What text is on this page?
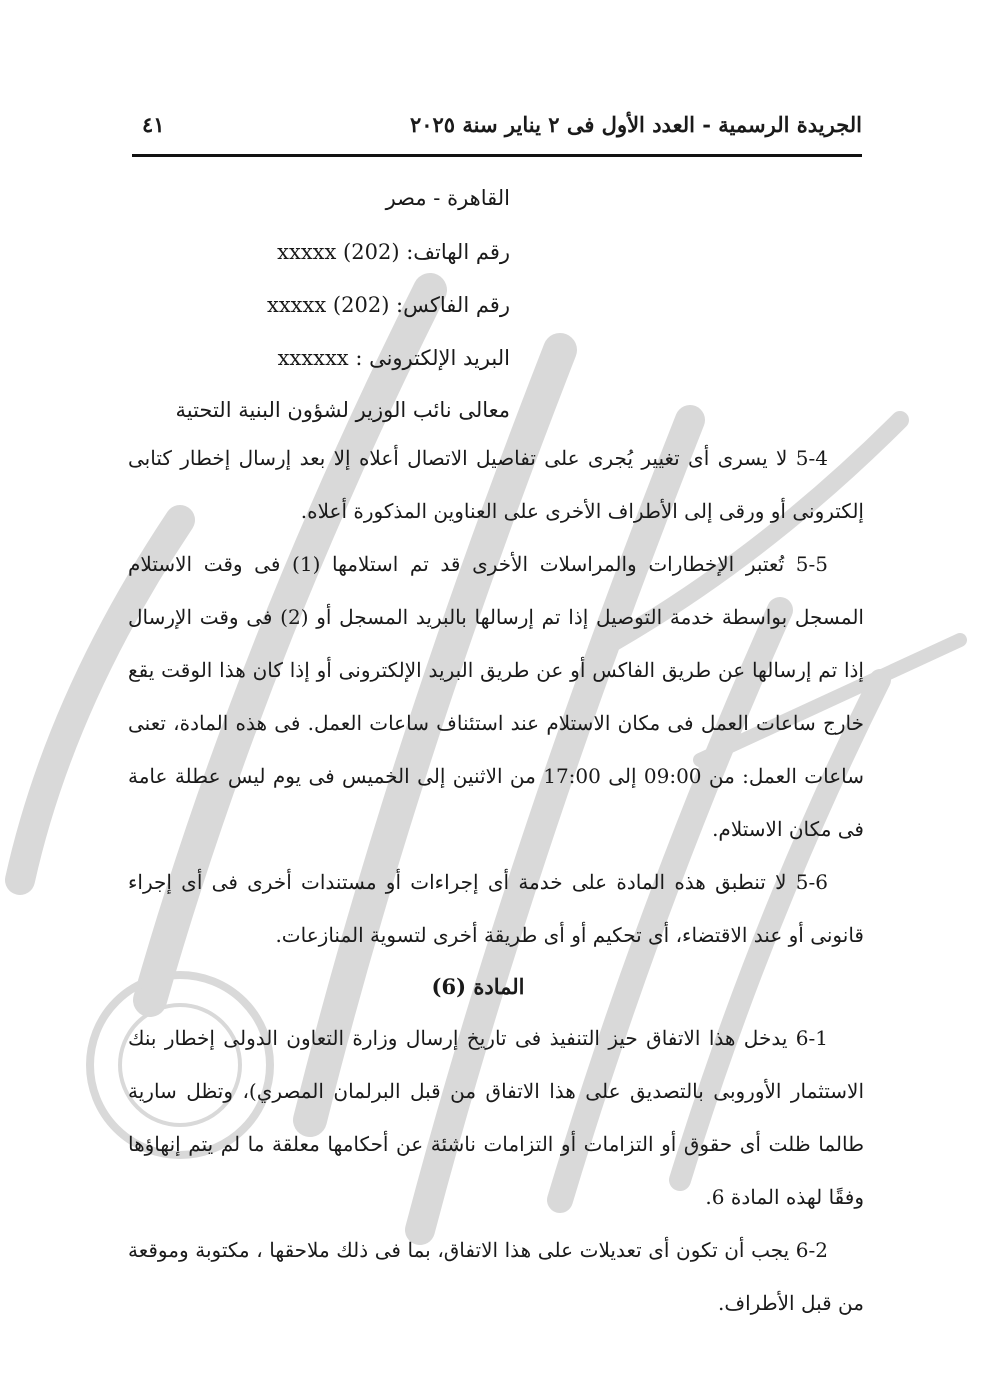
الجريدة الرسمية - العدد الأول فى ٢ يناير سنة ٢٠٢٥
٤١
القاهرة - مصر
رقم الهاتف: (202) xxxxx
رقم الفاكس: (202) xxxxx
البريد الإلكترونى : xxxxxx
معالى نائب الوزير لشؤون البنية التحتية

5-4 لا يسرى أى تغيير يُجرى على تفاصيل الاتصال أعلاه إلا بعد إرسال إخطار كتابى إلكترونى أو ورقى إلى الأطراف الأخرى على العناوين المذكورة أعلاه.

5-5 تُعتبر الإخطارات والمراسلات الأخرى قد تم استلامها (1) فى وقت الاستلام المسجل بواسطة خدمة التوصيل إذا تم إرسالها بالبريد المسجل أو (2) فى وقت الإرسال إذا تم إرسالها عن طريق الفاكس أو عن طريق البريد الإلكترونى أو إذا كان هذا الوقت يقع خارج ساعات العمل فى مكان الاستلام عند استئناف ساعات العمل. فى هذه المادة، تعنى ساعات العمل: من 09:00 إلى 17:00 من الاثنين إلى الخميس فى يوم ليس عطلة عامة فى مكان الاستلام.

5-6 لا تنطبق هذه المادة على خدمة أى إجراءات أو مستندات أخرى فى أى إجراء قانونى أو عند الاقتضاء، أى تحكيم أو أى طريقة أخرى لتسوية المنازعات.

المادة (6)

6-1 يدخل هذا الاتفاق حيز التنفيذ فى تاريخ إرسال وزارة التعاون الدولى إخطار بنك الاستثمار الأوروبى بالتصديق على هذا الاتفاق من قبل البرلمان المصري)، وتظل سارية طالما ظلت أى حقوق أو التزامات أو التزامات ناشئة عن أحكامها معلقة ما لم يتم إنهاؤها وفقًا لهذه المادة 6.

6-2 يجب أن تكون أى تعديلات على هذا الاتفاق، بما فى ذلك ملاحقها ، مكتوبة وموقعة من قبل الأطراف.
